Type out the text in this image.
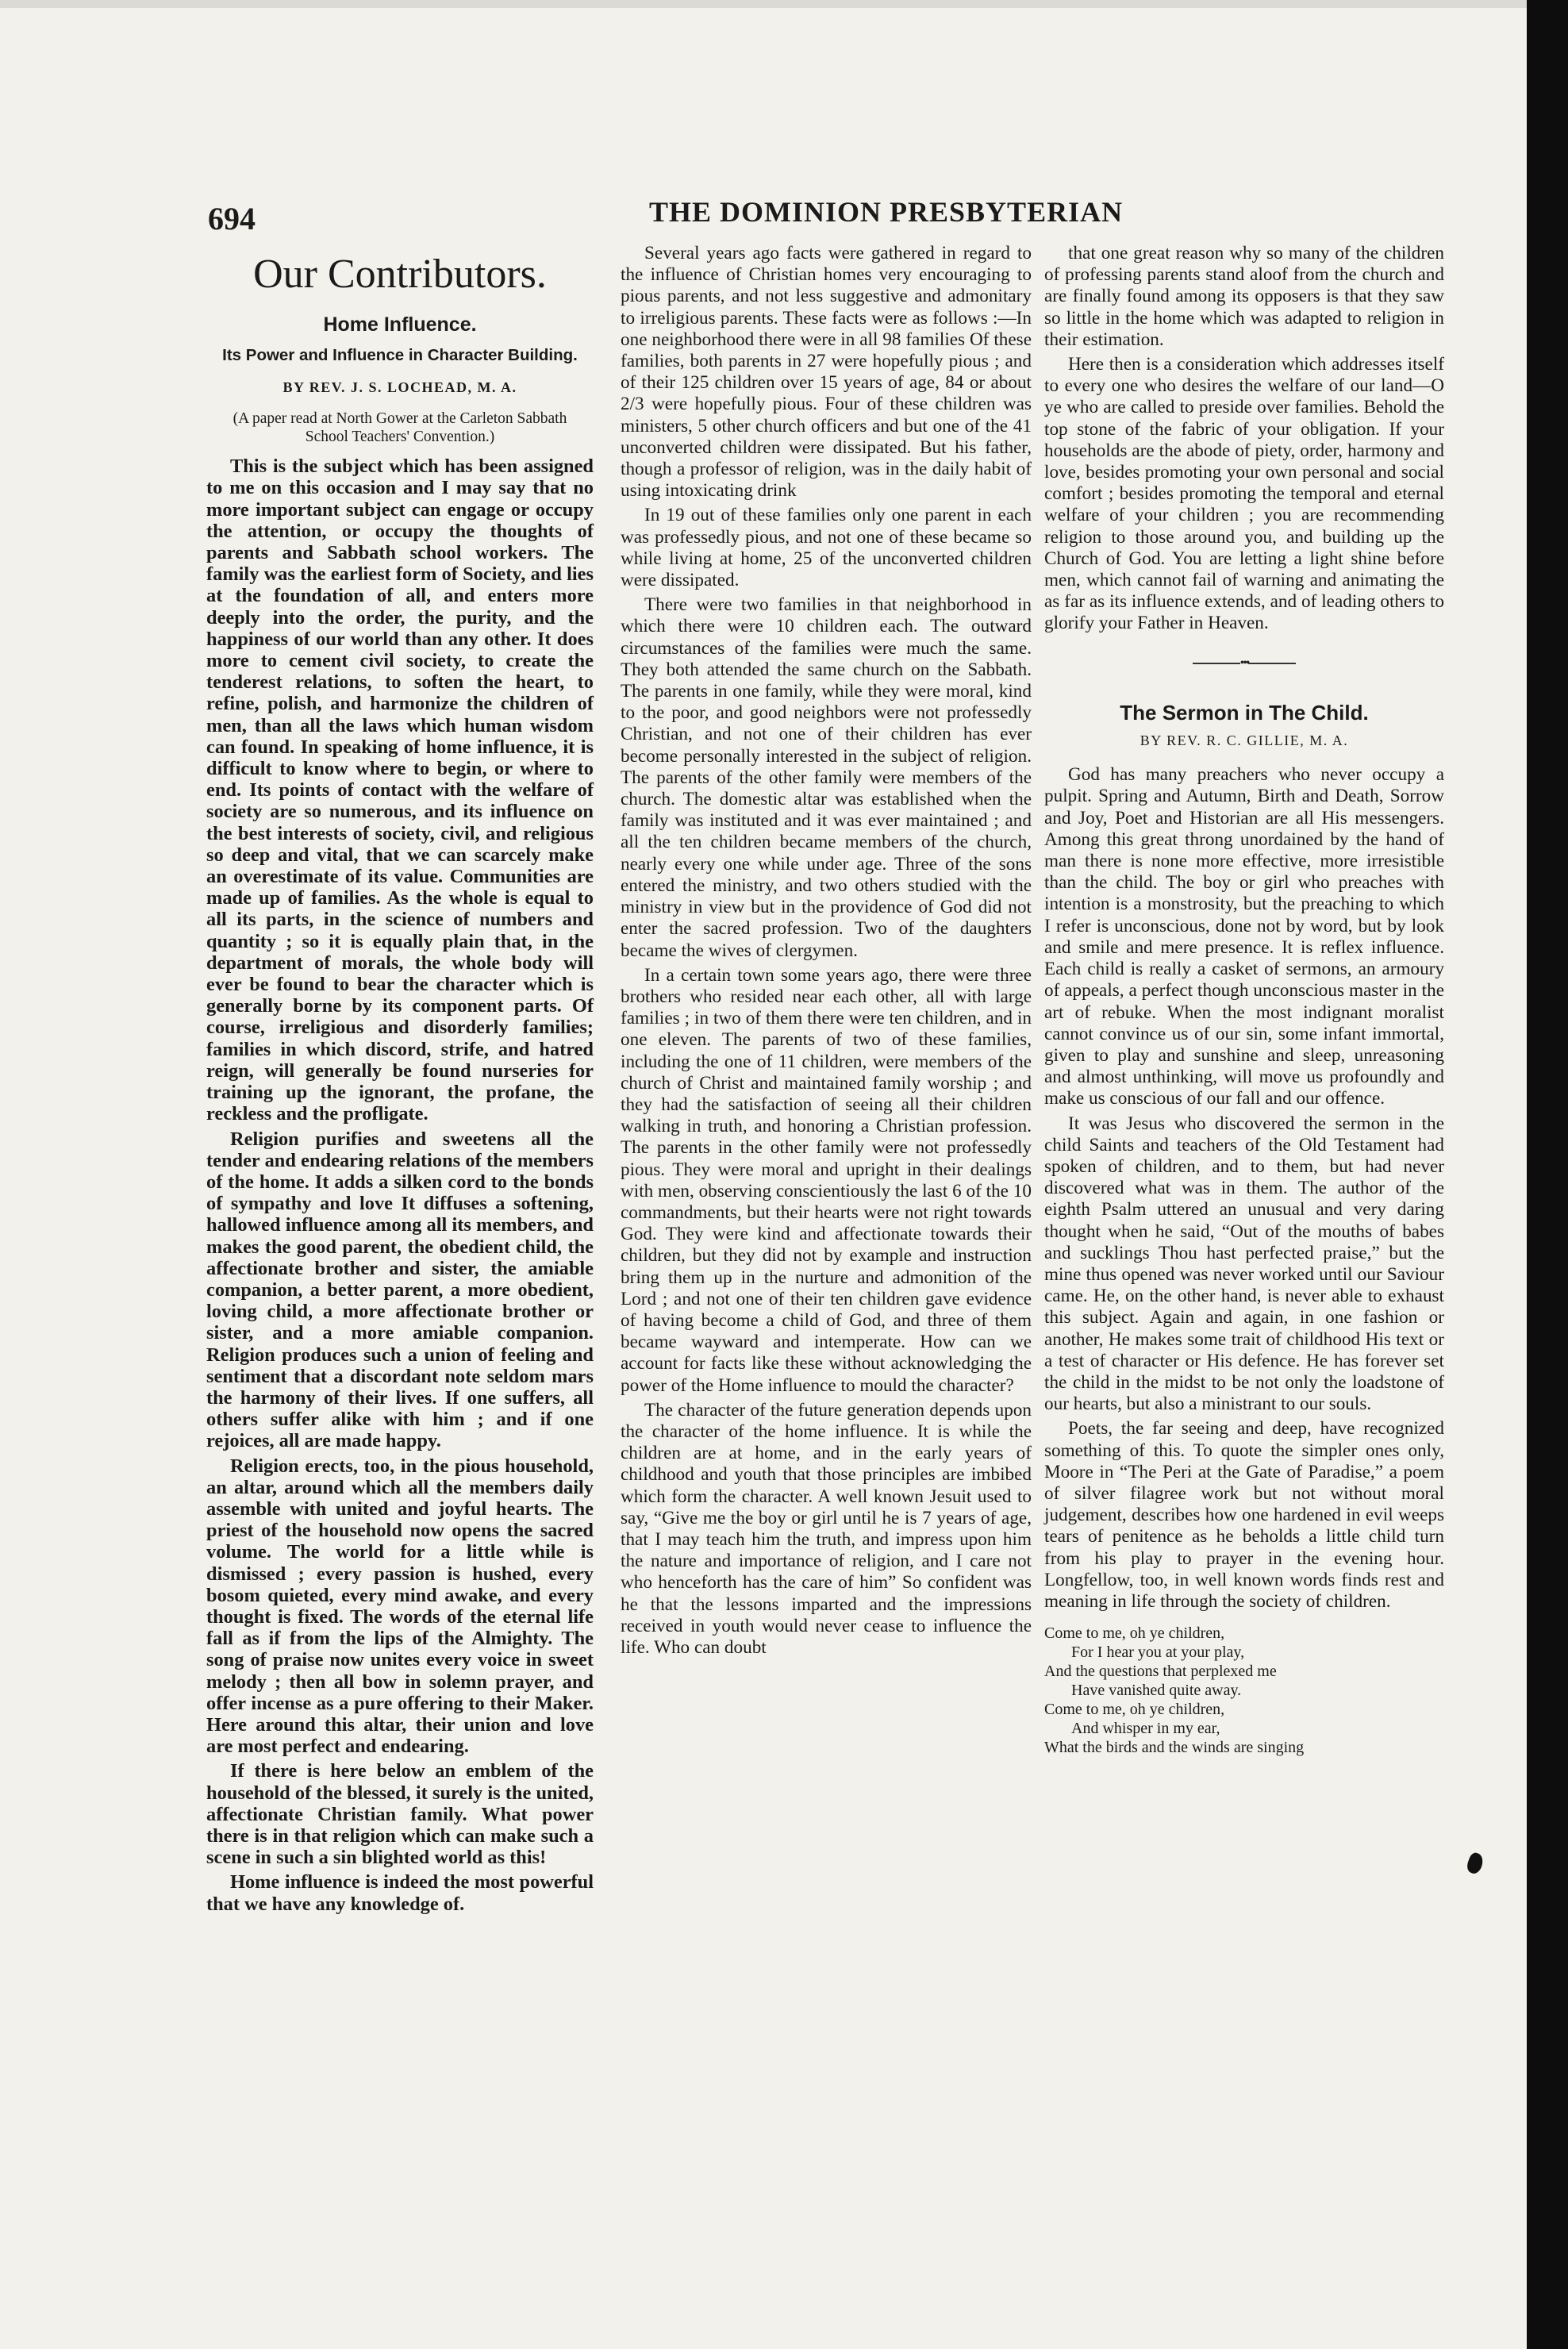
694	THE DOMINION PRESBYTERIAN
Our Contributors.
Home Influence.
Its Power and Influence in Character Building.
BY REV. J. S. LOCHEAD, M. A.
(A paper read at North Gower at the Carleton Sabbath School Teachers' Convention.)

This is the subject which has been assigned to me on this occasion and I may say that no more important subject can engage or occupy the attention, or occupy the thoughts of parents and Sabbath school workers. The family was the earliest form of Society, and lies at the foundation of all, and enters more deeply into the order, the purity, and the happiness of our world than any other. It does more to cement civil society, to create the tenderest relations, to soften the heart, to refine, polish, and harmonize the children of men, than all the laws which human wisdom can found. In speaking of home influence, it is difficult to know where to begin, or where to end. Its points of contact with the welfare of society are so numerous, and its influence on the best interests of society, civil, and religious so deep and vital, that we can scarcely make an overestimate of its value. Communities are made up of families. As the whole is equal to all its parts, in the science of numbers and quantity ; so it is equally plain that, in the department of morals, the whole body will ever be found to bear the character which is generally borne by its component parts. Of course, irreligious and disorderly families; families in which discord, strife, and hatred reign, will generally be found nurseries for training up the ignorant, the profane, the reckless and the profligate.

Religion purifies and sweetens all the tender and endearing relations of the members of the home. It adds a silken cord to the bonds of sympathy and love It diffuses a softening, hallowed influence among all its members, and makes the good parent, the obedient child, the affectionate brother and sister, the amiable companion, a better parent, a more obedient, loving child, a more affectionate brother or sister, and a more amiable companion. Religion produces such a union of feeling and sentiment that a discordant note seldom mars the harmony of their lives. If one suffers, all others suffer alike with him ; and if one rejoices, all are made happy.

Religion erects, too, in the pious household, an altar, around which all the members daily assemble with united and joyful hearts. The priest of the household now opens the sacred volume. The world for a little while is dismissed ; every passion is hushed, every bosom quieted, every mind awake, and every thought is fixed. The words of the eternal life fall as if from the lips of the Almighty. The song of praise now unites every voice in sweet melody ; then all bow in solemn prayer, and offer incense as a pure offering to their Maker. Here around this altar, their union and love are most perfect and endearing.

If there is here below an emblem of the household of the blessed, it surely is the united, affectionate Christian family. What power there is in that religion which can make such a scene in such a sin blighted world as this!

Home influence is indeed the most powerful that we have any knowledge of.

Several years ago facts were gathered in regard to the influence of Christian homes very encouraging to pious parents, and not less suggestive and admonitary to irreligious parents. These facts were as follows :—In one neighborhood there were in all 98 families Of these families, both parents in 27 were hopefully pious ; and of their 125 children over 15 years of age, 84 or about 2/3 were hopefully pious. Four of these children was ministers, 5 other church officers and but one of the 41 unconverted children were dissipated. But his father, though a professor of religion, was in the daily habit of using intoxicating drink

In 19 out of these families only one parent in each was professedly pious, and not one of these became so while living at home, 25 of the unconverted children were dissipated.

There were two families in that neighborhood in which there were 10 children each. The outward circumstances of the families were much the same. They both attended the same church on the Sabbath. The parents in one family, while they were moral, kind to the poor, and good neighbors were not professedly Christian, and not one of their children has ever become personally interested in the subject of religion. The parents of the other family were members of the church. The domestic altar was established when the family was instituted and it was ever maintained ; and all the ten children became members of the church, nearly every one while under age. Three of the sons entered the ministry, and two others studied with the ministry in view but in the providence of God did not enter the sacred profession. Two of the daughters became the wives of clergymen.

In a certain town some years ago, there were three brothers who resided near each other, all with large families ; in two of them there were ten children, and in one eleven. The parents of two of these families, including the one of 11 children, were members of the church of Christ and maintained family worship ; and they had the satisfaction of seeing all their children walking in truth, and honoring a Christian profession. The parents in the other family were not professedly pious. They were moral and upright in their dealings with men, observing conscientiously the last 6 of the 10 commandments, but their hearts were not right towards God. They were kind and affectionate towards their children, but they did not by example and instruction bring them up in the nurture and admonition of the Lord ; and not one of their ten children gave evidence of having become a child of God, and three of them became wayward and intemperate. How can we account for facts like these without acknowledging the power of the Home influence to mould the character?

The character of the future generation depends upon the character of the home influence. It is while the children are at home, and in the early years of childhood and youth that those principles are imbibed which form the character. A well known Jesuit used to say, “Give me the boy or girl until he is 7 years of age, that I may teach him the truth, and impress upon him the nature and importance of religion, and I care not who henceforth has the care of him” So confident was he that the lessons imparted and the impressions received in youth would never cease to influence the life. Who can doubt

that one great reason why so many of the children of professing parents stand aloof from the church and are finally found among its opposers is that they saw so little in the home which was adapted to religion in their estimation.

Here then is a consideration which addresses itself to every one who desires the welfare of our land—O ye who are called to preside over families. Behold the top stone of the fabric of your obligation. If your households are the abode of piety, order, harmony and love, besides promoting your own personal and social comfort ; besides promoting the temporal and eternal welfare of your children ; you are recommending religion to those around you, and building up the Church of God. You are letting a light shine before men, which cannot fail of warning and animating the as far as its influence extends, and of leading others to glorify your Father in Heaven.

•••
The Sermon in The Child.
BY REV. R. C. GILLIE, M. A.

God has many preachers who never occupy a pulpit. Spring and Autumn, Birth and Death, Sorrow and Joy, Poet and Historian are all His messengers. Among this great throng unordained by the hand of man there is none more effective, more irresistible than the child. The boy or girl who preaches with intention is a monstrosity, but the preaching to which I refer is unconscious, done not by word, but by look and smile and mere presence. It is reflex influence. Each child is really a casket of sermons, an armoury of appeals, a perfect though unconscious master in the art of rebuke. When the most indignant moralist cannot convince us of our sin, some infant immortal, given to play and sunshine and sleep, unreasoning and almost unthinking, will move us profoundly and make us conscious of our fall and our offence.

It was Jesus who discovered the sermon in the child Saints and teachers of the Old Testament had spoken of children, and to them, but had never discovered what was in them. The author of the eighth Psalm uttered an unusual and very daring thought when he said, “Out of the mouths of babes and sucklings Thou hast perfected praise,” but the mine thus opened was never worked until our Saviour came. He, on the other hand, is never able to exhaust this subject. Again and again, in one fashion or another, He makes some trait of childhood His text or a test of character or His defence. He has forever set the child in the midst to be not only the loadstone of our hearts, but also a ministrant to our souls.

Poets, the far seeing and deep, have recognized something of this. To quote the simpler ones only, Moore in “The Peri at the Gate of Paradise,” a poem of silver filagree work but not without moral judgement, describes how one hardened in evil weeps tears of penitence as he beholds a little child turn from his play to prayer in the evening hour. Longfellow, too, in well known words finds rest and meaning in life through the society of children.

Come to me, oh ye children,
For I hear you at your play,
And the questions that perplexed me
Have vanished quite away.
Come to me, oh ye children,
And whisper in my ear,
What the birds and the winds are singing
